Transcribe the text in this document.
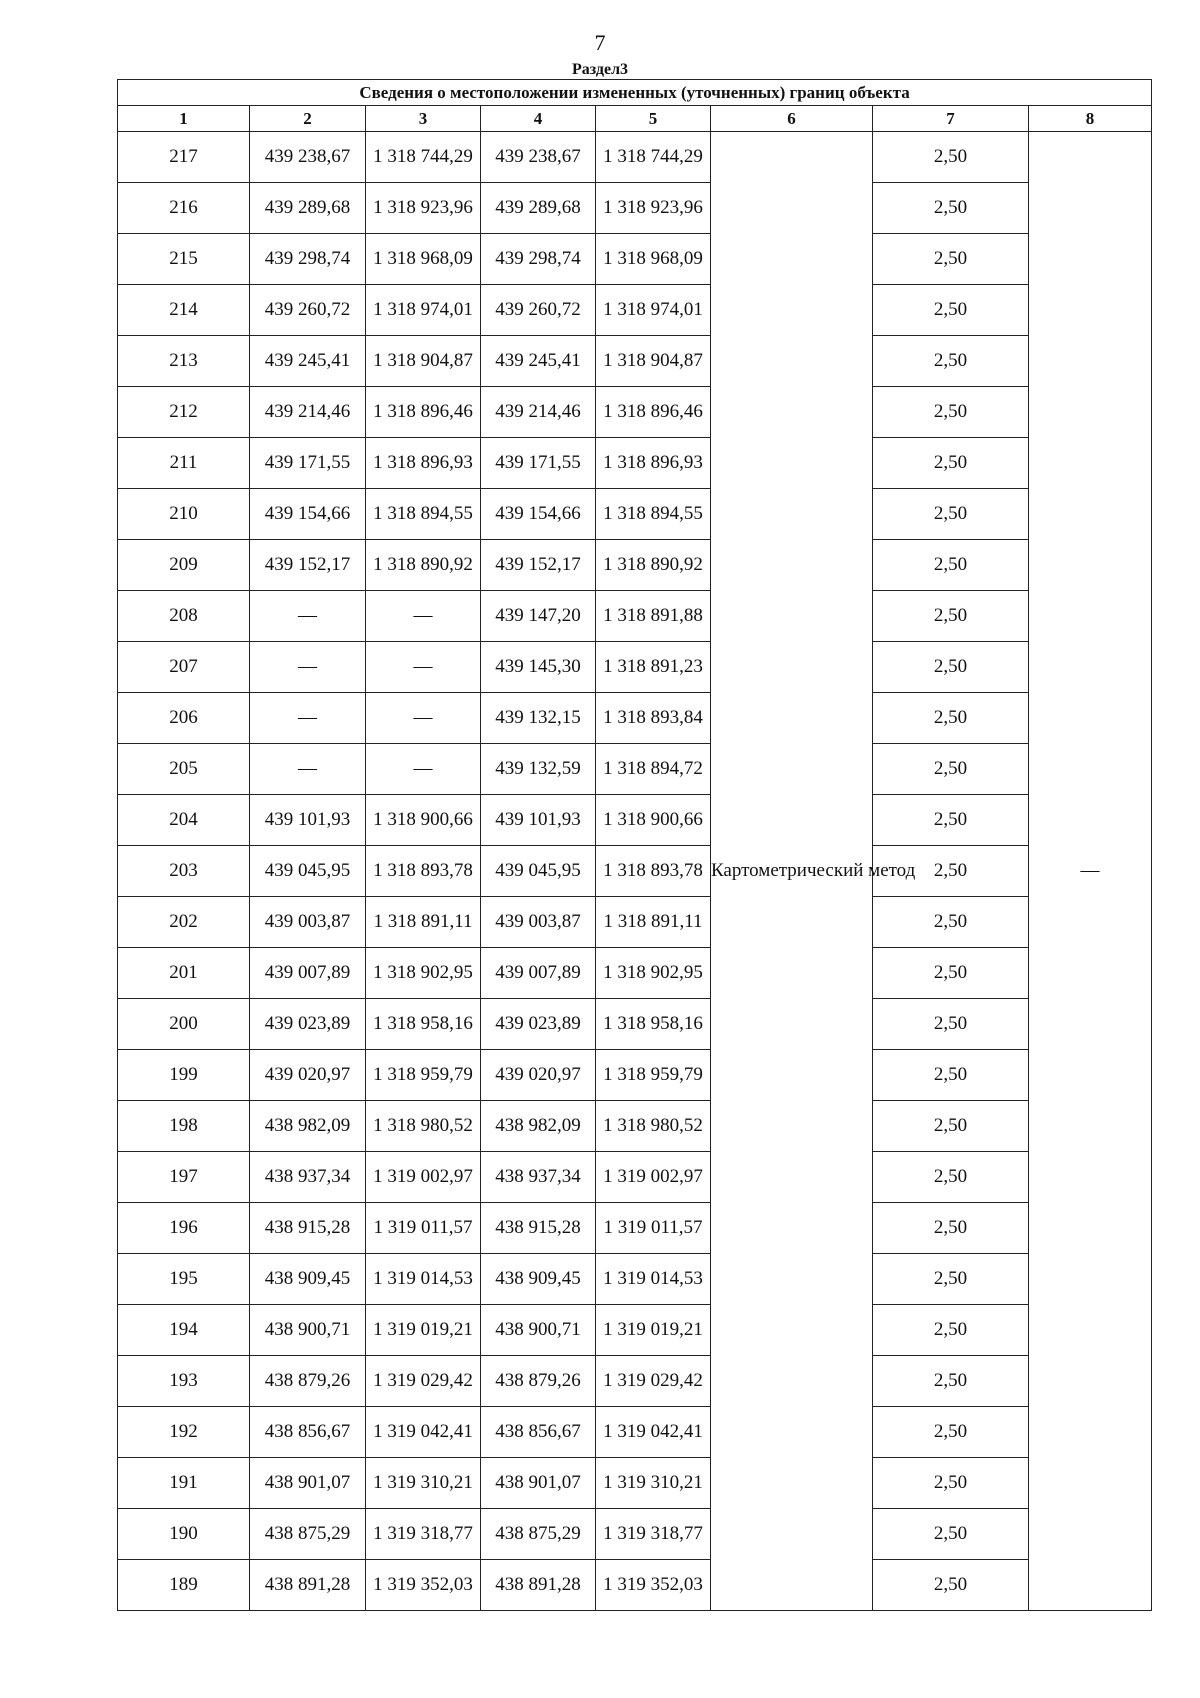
7
Раздел3
Сведения о местоположении измененных (уточненных) границ объекта							
1	2	3	4	5	6	7	8
217	439 238,67	1 318 744,29	439 238,67	1 318 744,29	Картометрический метод	2,50	—
216	439 289,68	1 318 923,96	439 289,68	1 318 923,96		2,50	
215	439 298,74	1 318 968,09	439 298,74	1 318 968,09		2,50	
214	439 260,72	1 318 974,01	439 260,72	1 318 974,01		2,50	
213	439 245,41	1 318 904,87	439 245,41	1 318 904,87		2,50	
212	439 214,46	1 318 896,46	439 214,46	1 318 896,46		2,50	
211	439 171,55	1 318 896,93	439 171,55	1 318 896,93		2,50	
210	439 154,66	1 318 894,55	439 154,66	1 318 894,55		2,50	
209	439 152,17	1 318 890,92	439 152,17	1 318 890,92		2,50	
208	—	—	439 147,20	1 318 891,88		2,50	
207	—	—	439 145,30	1 318 891,23		2,50	
206	—	—	439 132,15	1 318 893,84		2,50	
205	—	—	439 132,59	1 318 894,72		2,50	
204	439 101,93	1 318 900,66	439 101,93	1 318 900,66		2,50	
203	439 045,95	1 318 893,78	439 045,95	1 318 893,78		2,50	
202	439 003,87	1 318 891,11	439 003,87	1 318 891,11		2,50	
201	439 007,89	1 318 902,95	439 007,89	1 318 902,95		2,50	
200	439 023,89	1 318 958,16	439 023,89	1 318 958,16		2,50	
199	439 020,97	1 318 959,79	439 020,97	1 318 959,79		2,50	
198	438 982,09	1 318 980,52	438 982,09	1 318 980,52		2,50	
197	438 937,34	1 319 002,97	438 937,34	1 319 002,97		2,50	
196	438 915,28	1 319 011,57	438 915,28	1 319 011,57		2,50	
195	438 909,45	1 319 014,53	438 909,45	1 319 014,53		2,50	
194	438 900,71	1 319 019,21	438 900,71	1 319 019,21		2,50	
193	438 879,26	1 319 029,42	438 879,26	1 319 029,42		2,50	
192	438 856,67	1 319 042,41	438 856,67	1 319 042,41		2,50	
191	438 901,07	1 319 310,21	438 901,07	1 319 310,21		2,50	
190	438 875,29	1 319 318,77	438 875,29	1 319 318,77		2,50	
189	438 891,28	1 319 352,03	438 891,28	1 319 352,03		2,50	
